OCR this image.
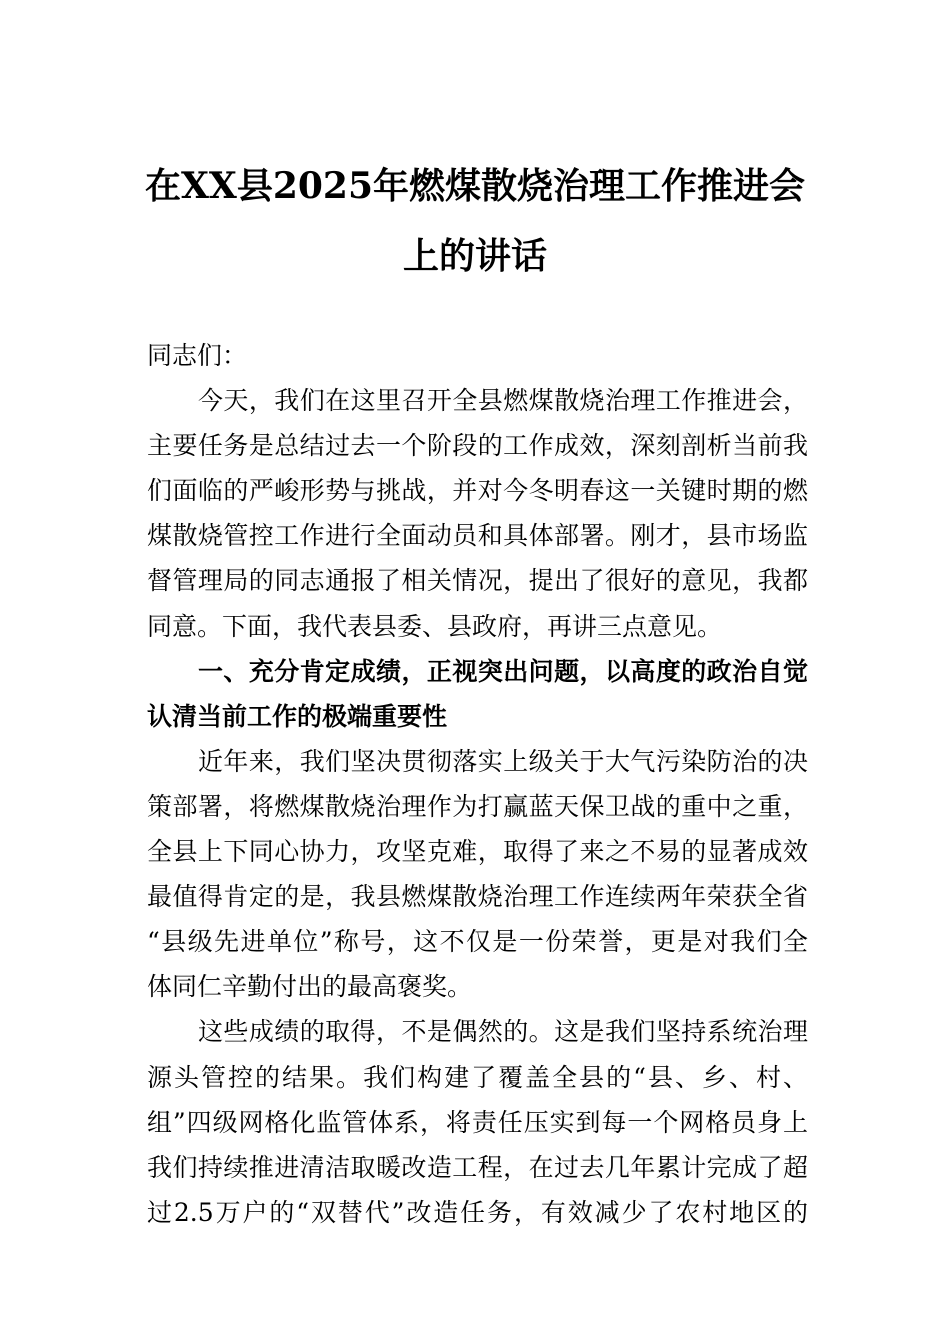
在XX县2025年燃煤散烧治理工作推进会
上的讲话
同志们：
今天，我们在这里召开全县燃煤散烧治理工作推进会，
主要任务是总结过去一个阶段的工作成效，深刻剖析当前我
们面临的严峻形势与挑战，并对今冬明春这一关键时期的燃
煤散烧管控工作进行全面动员和具体部署。刚才，县市场监
督管理局的同志通报了相关情况，提出了很好的意见，我都
同意。下面，我代表县委、县政府，再讲三点意见。
一、充分肯定成绩，正视突出问题，以高度的政治自觉
认清当前工作的极端重要性
近年来，我们坚决贯彻落实上级关于大气污染防治的决
策部署，将燃煤散烧治理作为打赢蓝天保卫战的重中之重，
全县上下同心协力，攻坚克难，取得了来之不易的显著成效
最值得肯定的是，我县燃煤散烧治理工作连续两年荣获全省
“县级先进单位”称号，这不仅是一份荣誉，更是对我们全
体同仁辛勤付出的最高褒奖。
这些成绩的取得，不是偶然的。这是我们坚持系统治理
源头管控的结果。我们构建了覆盖全县的“县、乡、村、
组”四级网格化监管体系，将责任压实到每一个网格员身上
我们持续推进清洁取暖改造工程，在过去几年累计完成了超
过2.5万户的“双替代”改造任务，有效减少了农村地区的
